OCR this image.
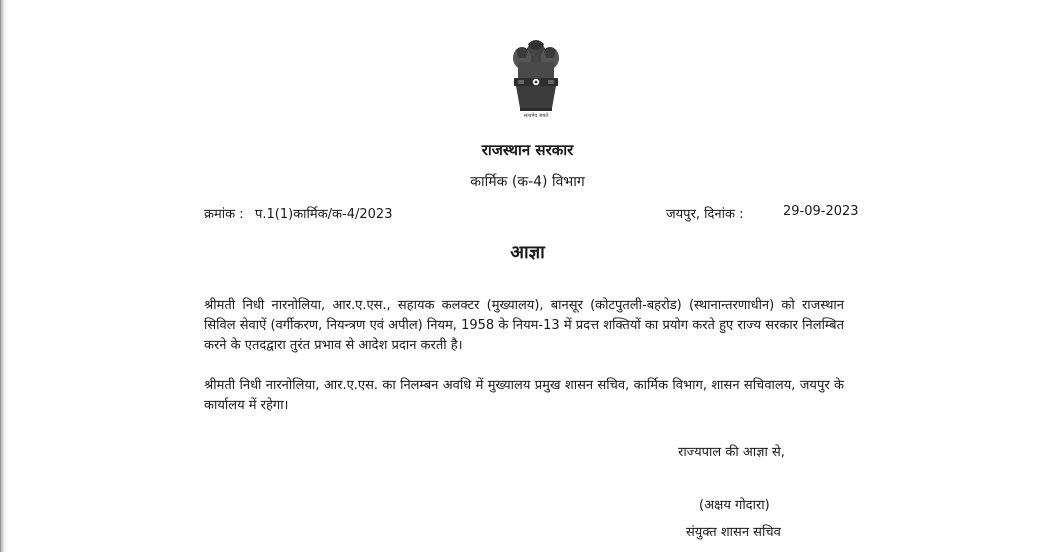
सत्यमेव जयते
राजस्थान सरकार
कार्मिक (क-4) विभाग
क्रमांक : प.1(1)कार्मिक/क-4/2023	जयपुर, दिनांक :	29-09-2023
आज्ञा
श्रीमती निधी नारनोलिया, आर.ए.एस., सहायक कलक्टर (मुख्यालय), बानसूर (कोटपुतली-बहरोड) (स्थानान्तरणाधीन) को राजस्थान सिविल सेवाऐं (वर्गीकरण, नियन्त्रण एवं अपील) नियम, 1958 के नियम-13 में प्रदत्त शक्तियों का प्रयोग करते हुए राज्य सरकार निलम्बित करने के एतदद्वारा तुरंत प्रभाव से आदेश प्रदान करती है।
श्रीमती निधी नारनोलिया, आर.ए.एस. का निलम्बन अवधि में मुख्यालय प्रमुख शासन सचिव, कार्मिक विभाग, शासन सचिवालय, जयपुर के कार्यालय में रहेगा।
राज्यपाल की आज्ञा से,
(अक्षय गोदारा)
संयुक्त शासन सचिव
